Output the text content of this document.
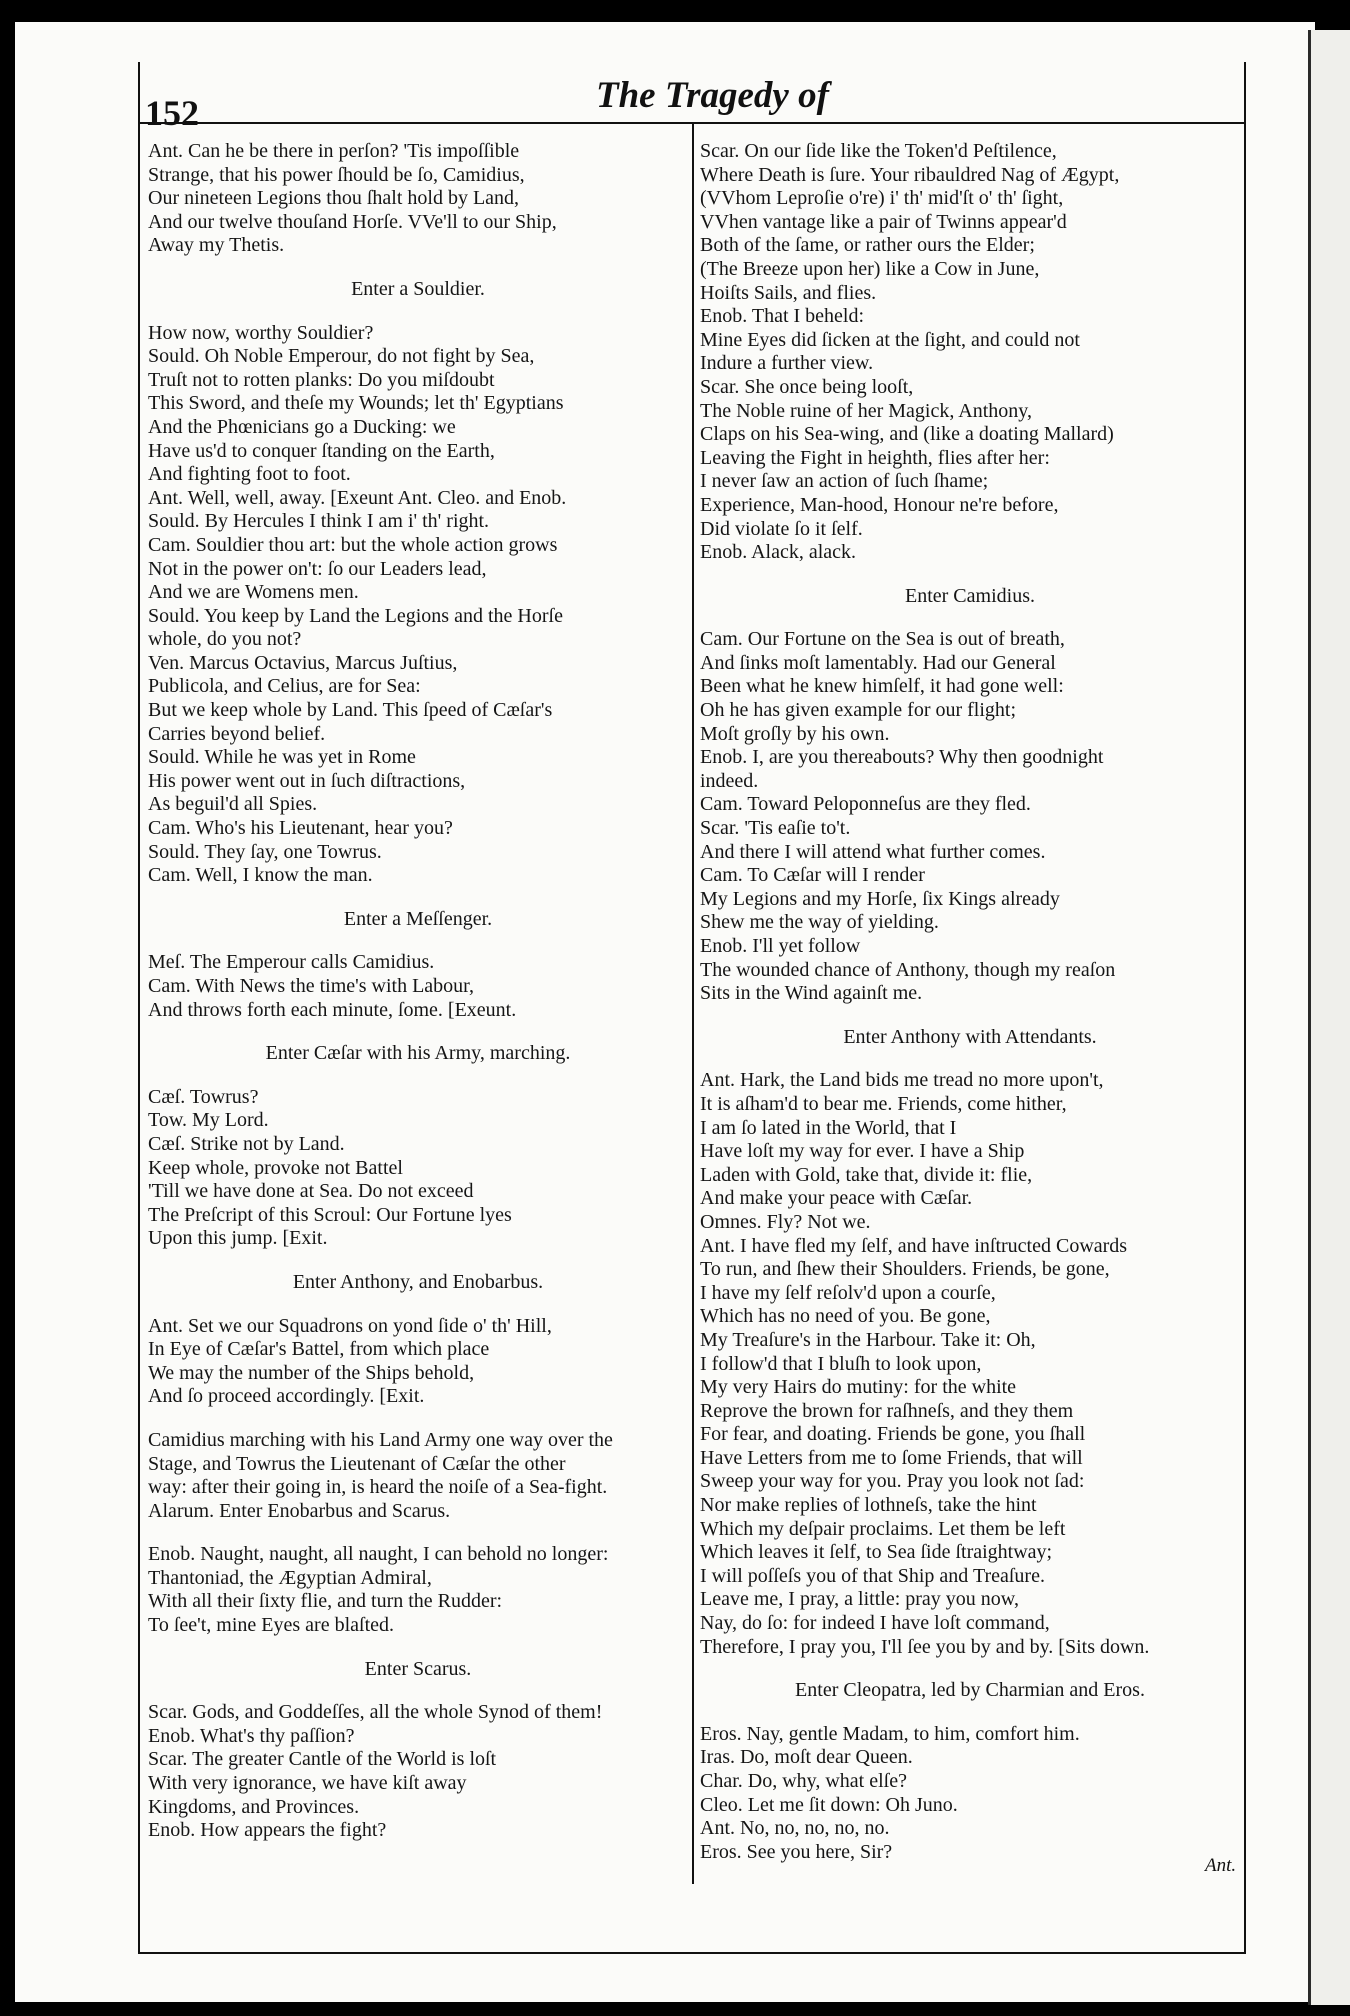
152	The Tragedy of
Ant. Can he be there in perſon? 'Tis impoſſible
Strange, that his power ſhould be ſo, Camidius,
Our nineteen Legions thou ſhalt hold by Land,
And our twelve thouſand Horſe. VVe'll to our Ship,
Away my Thetis.
Enter a Souldier.
How now, worthy Souldier?
Sould. Oh Noble Emperour, do not fight by Sea,
Truſt not to rotten planks: Do you miſdoubt
This Sword, and theſe my Wounds; let th' Egyptians
And the Phœnicians go a Ducking: we
Have us'd to conquer ſtanding on the Earth,
And fighting foot to foot.
Ant. Well, well, away. [Exeunt Ant. Cleo. and Enob.
Sould. By Hercules I think I am i' th' right.
Cam. Souldier thou art: but the whole action grows
Not in the power on't: ſo our Leaders lead,
And we are Womens men.
Sould. You keep by Land the Legions and the Horſe
whole, do you not?
Ven. Marcus Octavius, Marcus Juſtius,
Publicola, and Celius, are for Sea:
But we keep whole by Land. This ſpeed of Cæſar's
Carries beyond belief.
Sould. While he was yet in Rome
His power went out in ſuch diſtractions,
As beguil'd all Spies.
Cam. Who's his Lieutenant, hear you?
Sould. They ſay, one Towrus.
Cam. Well, I know the man.
Enter a Meſſenger.
Meſ. The Emperour calls Camidius.
Cam. With News the time's with Labour,
And throws forth each minute, ſome. [Exeunt.
Enter Cæſar with his Army, marching.
Cæſ. Towrus?
Tow. My Lord.
Cæſ. Strike not by Land.
Keep whole, provoke not Battel
'Till we have done at Sea. Do not exceed
The Preſcript of this Scroul: Our Fortune lyes
Upon this jump. [Exit.
Enter Anthony, and Enobarbus.
Ant. Set we our Squadrons on yond ſide o' th' Hill,
In Eye of Cæſar's Battel, from which place
We may the number of the Ships behold,
And ſo proceed accordingly. [Exit.
Camidius marching with his Land Army one way over the
Stage, and Towrus the Lieutenant of Cæſar the other
way: after their going in, is heard the noiſe of a Sea-fight.
Alarum. Enter Enobarbus and Scarus.
Enob. Naught, naught, all naught, I can behold no longer:
Thantoniad, the Ægyptian Admiral,
With all their ſixty flie, and turn the Rudder:
To ſee't, mine Eyes are blaſted.
Enter Scarus.
Scar. Gods, and Goddeſſes, all the whole Synod of them!
Enob. What's thy paſſion?
Scar. The greater Cantle of the World is loſt
With very ignorance, we have kiſt away
Kingdoms, and Provinces.
Enob. How appears the fight?
Scar. On our ſide like the Token'd Peſtilence,
Where Death is ſure. Your ribauldred Nag of Ægypt,
(VVhom Leproſie o're) i' th' mid'ſt o' th' ſight,
VVhen vantage like a pair of Twinns appear'd
Both of the ſame, or rather ours the Elder;
(The Breeze upon her) like a Cow in June,
Hoiſts Sails, and flies.
Enob. That I beheld:
Mine Eyes did ſicken at the ſight, and could not
Indure a further view.
Scar. She once being looſt,
The Noble ruine of her Magick, Anthony,
Claps on his Sea-wing, and (like a doating Mallard)
Leaving the Fight in heighth, flies after her:
I never ſaw an action of ſuch ſhame;
Experience, Man-hood, Honour ne're before,
Did violate ſo it ſelf.
Enob. Alack, alack.
Enter Camidius.
Cam. Our Fortune on the Sea is out of breath,
And ſinks moſt lamentably. Had our General
Been what he knew himſelf, it had gone well:
Oh he has given example for our flight;
Moſt groſly by his own.
Enob. I, are you thereabouts? Why then goodnight
indeed.
Cam. Toward Peloponneſus are they fled.
Scar. 'Tis eaſie to't.
And there I will attend what further comes.
Cam. To Cæſar will I render
My Legions and my Horſe, ſix Kings already
Shew me the way of yielding.
Enob. I'll yet follow
The wounded chance of Anthony, though my reaſon
Sits in the Wind againſt me.
Enter Anthony with Attendants.
Ant. Hark, the Land bids me tread no more upon't,
It is aſham'd to bear me. Friends, come hither,
I am ſo lated in the World, that I
Have loſt my way for ever. I have a Ship
Laden with Gold, take that, divide it: flie,
And make your peace with Cæſar.
Omnes. Fly? Not we.
Ant. I have fled my ſelf, and have inſtructed Cowards
To run, and ſhew their Shoulders. Friends, be gone,
I have my ſelf reſolv'd upon a courſe,
Which has no need of you. Be gone,
My Treaſure's in the Harbour. Take it: Oh,
I follow'd that I bluſh to look upon,
My very Hairs do mutiny: for the white
Reprove the brown for raſhneſs, and they them
For fear, and doating. Friends be gone, you ſhall
Have Letters from me to ſome Friends, that will
Sweep your way for you. Pray you look not ſad:
Nor make replies of lothneſs, take the hint
Which my deſpair proclaims. Let them be left
Which leaves it ſelf, to Sea ſide ſtraightway;
I will poſſeſs you of that Ship and Treaſure.
Leave me, I pray, a little: pray you now,
Nay, do ſo: for indeed I have loſt command,
Therefore, I pray you, I'll ſee you by and by. [Sits down.
Enter Cleopatra, led by Charmian and Eros.
Eros. Nay, gentle Madam, to him, comfort him.
Iras. Do, moſt dear Queen.
Char. Do, why, what elſe?
Cleo. Let me ſit down: Oh Juno.
Ant. No, no, no, no, no.
Eros. See you here, Sir?
Ant.
